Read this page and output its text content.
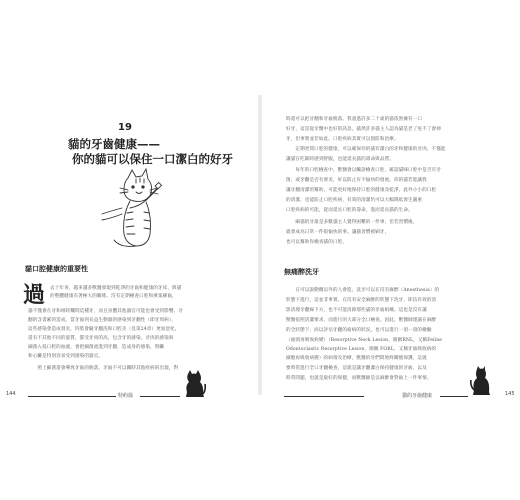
19
貓的牙齒健康——
你的貓可以保住一口潔白的好牙
貓口腔健康的重要性
過 去十年來，越來越多獸醫發現到乾淨的牙齒和健康的牙床，與貓
的整體健康有著極大的關係。沒有定期檢查口腔和乘案刷齒，
貓不僅會在牙和組時爛問這種牙，而且身體其他器官可能也會受到影響。牙
翻的含書累的造成，當牙齒到長益生動器的感染到牙翻性（即牙周病），
這些感染會造成發炎，四肢會隨牙翻洗和口腔炎（見第24章）更加惡化，
還有不其他不同的滋質，都受牙肉的高，包含牙的感染、牙肉的感染與
細菌入侵口腔的血液，會把細菌流進到牙翻，造成身的感染，腎臟
和心臟是特別容易受到感染的器官。
　　照上細菌還會導致牙齒的脫落，牙齒不可以關時其他疾病的出現，對
144	特約篇
時還可以把牙翻和牙齒脫落。我童過許多二十歲的貓依然擁有一口
好牙，這是從牙醫中也好的訊息。貓然許多貓主人認為貓是老了免不了會掉
牙，但事實並非如此。口腔疾病其實可以預防和治療。
　　定期更問口腔的健康，可以確保你的貓有潔白的牙和健康的牙肉，不僅能
讓貓在吃飯時感到舒服，也能延長貓的壽命與品質。
　　每年的口腔檢查中，獸醫會以觸診檢查口腔，確認貓咪口腔中是否有牙
菌，或牙翻是否有發炎，好以防止有不愉快的發展。你的貓若能讓我
讓牙翻清潔的幫助，可能更好地保持口腔的健康及乾淨。此外小小的口腔
的清潔，也能防止口腔疾病，有效的清潔仍可以大幅降低發生嚴重
口腔疾病的可能，從而延長口腔的壽命，進而延長貓的生命。
　　刷貓的牙最是多數貓主人覺得困難的一件事，但若習慣後，
就會成為日常一件很愉快的事。讓貓習慣被刷牙，
也可以幫助你檢查貓的口腔。
無痛醉洗牙
　　在可以說動醫以外的人會進，洗牙可以在沒有麻醉（Anesthesia）的
狀態下進行，這並非事實。在沒有安全麻醉的狀態下洗牙，即洁有效的清
影清理牙翻線下方，也不可能清除那些貓的牙齒組織。這也是沒有讓
獸醫依照清潔要求，而進行的大部分全口檢查。因此，獸醫師建議在麻醉
的全狀態下，而以評估牙翻的齒病的狀況，也可以進行一項一項的檢驗
（齒頸再吸收病變）（Resorptive Neck Lesion，簡稱RNL，又稱Feline
Odontoclastic Resorptive Lesion，簡稱 FORL，又稱牙齒吸收病的
細胞再吸收病變）的病情及治療，獸醫的牙們問始終關懷保護，這就
要時常進行全口牙翻檢查，這就是讓牙翻潔白保持健康的牙齒，以及
時常問題，也就是最好的保健，而獸醫師是以麻醉會對齒上一件事情。
貓的牙齒健康	145
